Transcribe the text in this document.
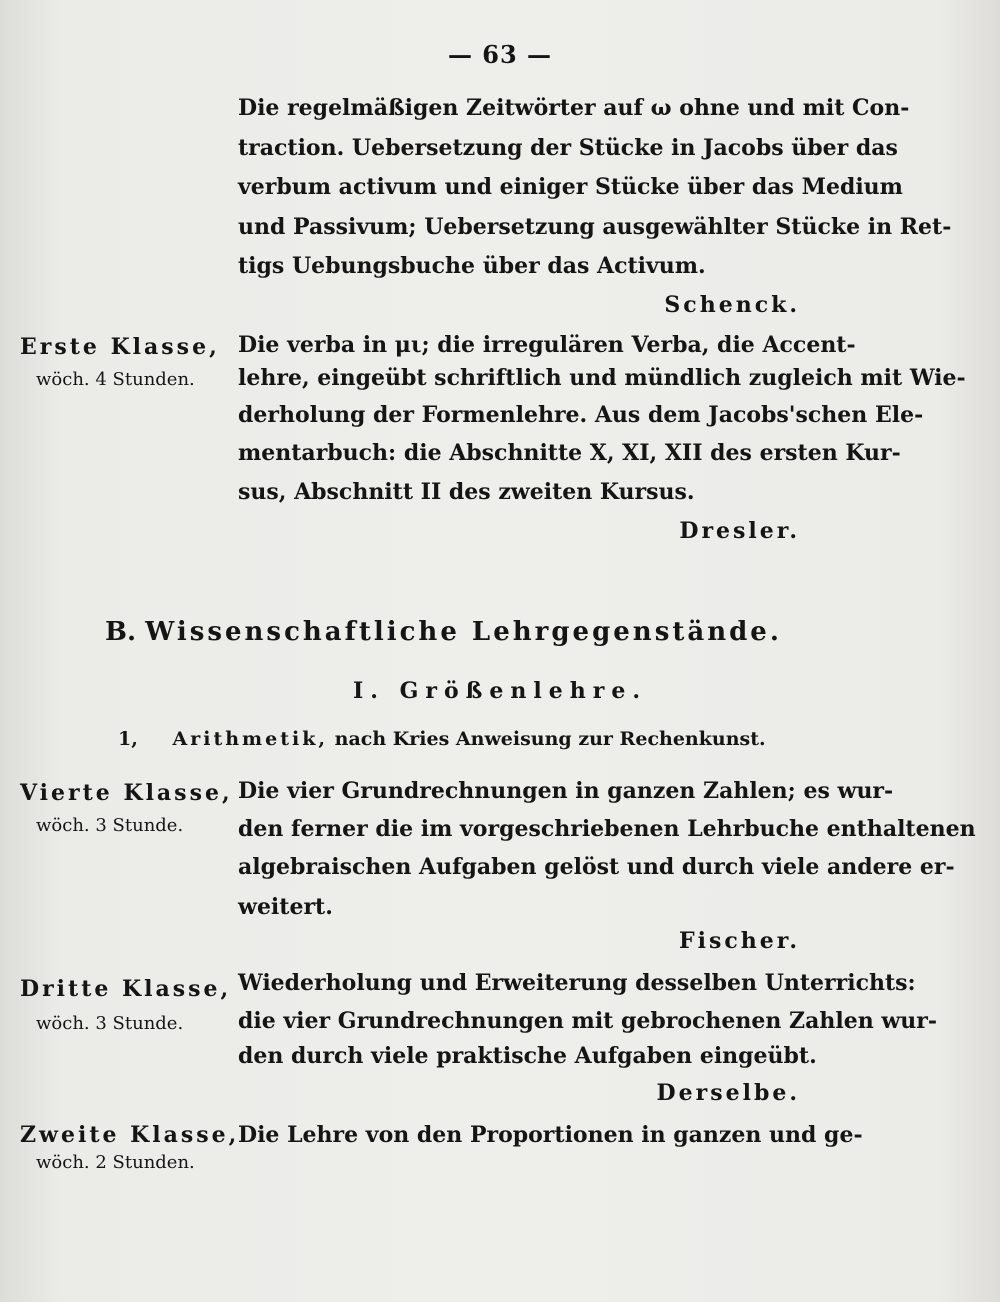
— 63 —
Die regelmäßigen Zeitwörter auf ω ohne und mit Con-
traction. Uebersetzung der Stücke in Jacobs über das
verbum activum und einiger Stücke über das Medium
und Passivum; Uebersetzung ausgewählter Stücke in Ret-
tigs Uebungsbuche über das Activum.
Schenck.
Erste Klasse,
wöch. 4 Stunden.
Die verba in μι; die irregulären Verba, die Accent-
lehre, eingeübt schriftlich und mündlich zugleich mit Wie-
derholung der Formenlehre. Aus dem Jacobs'schen Ele-
mentarbuch: die Abschnitte X, XI, XII des ersten Kur-
sus, Abschnitt II des zweiten Kursus.
Dresler.
B. Wissenschaftliche Lehrgegenstände.
I. Größenlehre.
1, Arithmetik, nach Kries Anweisung zur Rechenkunst.
Vierte Klasse,
wöch. 3 Stunde.
Die vier Grundrechnungen in ganzen Zahlen; es wur-
den ferner die im vorgeschriebenen Lehrbuche enthaltenen
algebraischen Aufgaben gelöst und durch viele andere er-
weitert.
Fischer.
Dritte Klasse,
wöch. 3 Stunde.
Wiederholung und Erweiterung desselben Unterrichts:
die vier Grundrechnungen mit gebrochenen Zahlen wur-
den durch viele praktische Aufgaben eingeübt.
Derselbe.
Zweite Klasse,
wöch. 2 Stunden.
Die Lehre von den Proportionen in ganzen und ge-
